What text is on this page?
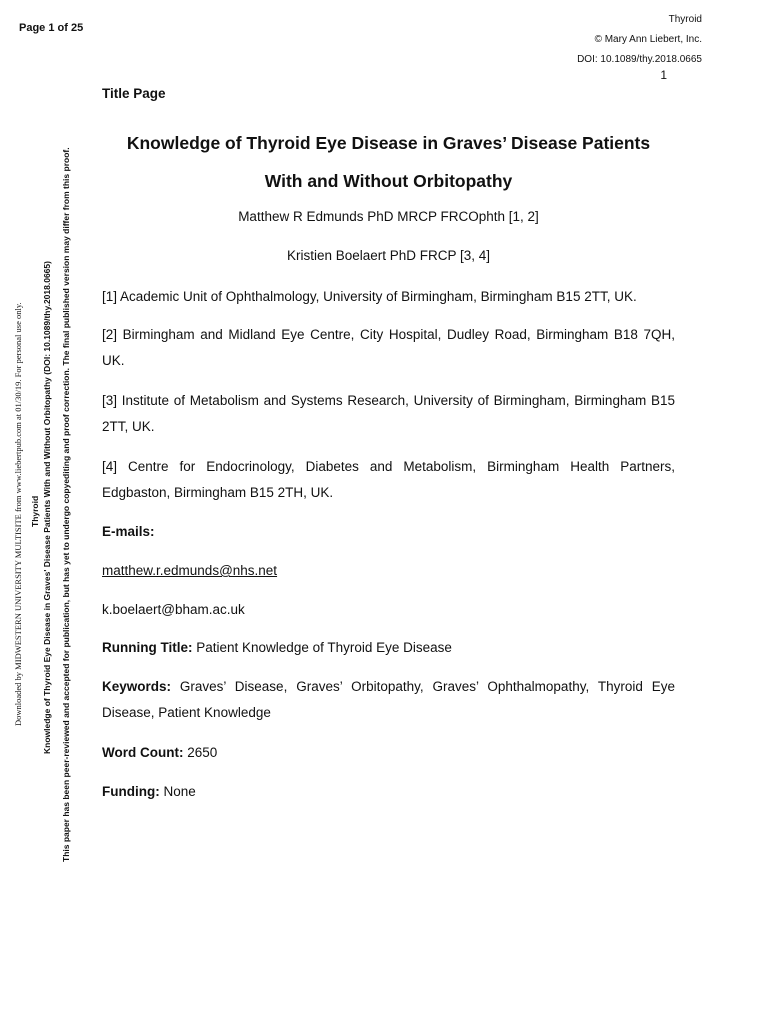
Page 1 of 25
Thyroid
© Mary Ann Liebert, Inc.
DOI: 10.1089/thy.2018.0665
1
Downloaded by MIDWESTERN UNIVERSITY MULTISITE from www.liebertpub.com at 01/30/19. For personal use only. Thyroid Knowledge of Thyroid Eye Disease in Graves' Disease Patients With and Without Orbitopathy (DOI: 10.1089/thy.2018.0665) This paper has been peer-reviewed and accepted for publication, but has yet to undergo copyediting and proof correction. The final published version may differ from this proof.
Title Page
Knowledge of Thyroid Eye Disease in Graves’ Disease Patients
With and Without Orbitopathy
Matthew R Edmunds PhD MRCP FRCOphth [1, 2]
Kristien Boelaert PhD FRCP [3, 4]
[1] Academic Unit of Ophthalmology, University of Birmingham, Birmingham B15 2TT, UK.
[2] Birmingham and Midland Eye Centre, City Hospital, Dudley Road, Birmingham B18 7QH, UK.
[3] Institute of Metabolism and Systems Research, University of Birmingham, Birmingham B15 2TT, UK.
[4] Centre for Endocrinology, Diabetes and Metabolism, Birmingham Health Partners, Edgbaston, Birmingham B15 2TH, UK.
E-mails:
matthew.r.edmunds@nhs.net
k.boelaert@bham.ac.uk
Running Title: Patient Knowledge of Thyroid Eye Disease
Keywords: Graves’ Disease, Graves’ Orbitopathy, Graves’ Ophthalmopathy, Thyroid Eye Disease, Patient Knowledge
Word Count: 2650
Funding: None
